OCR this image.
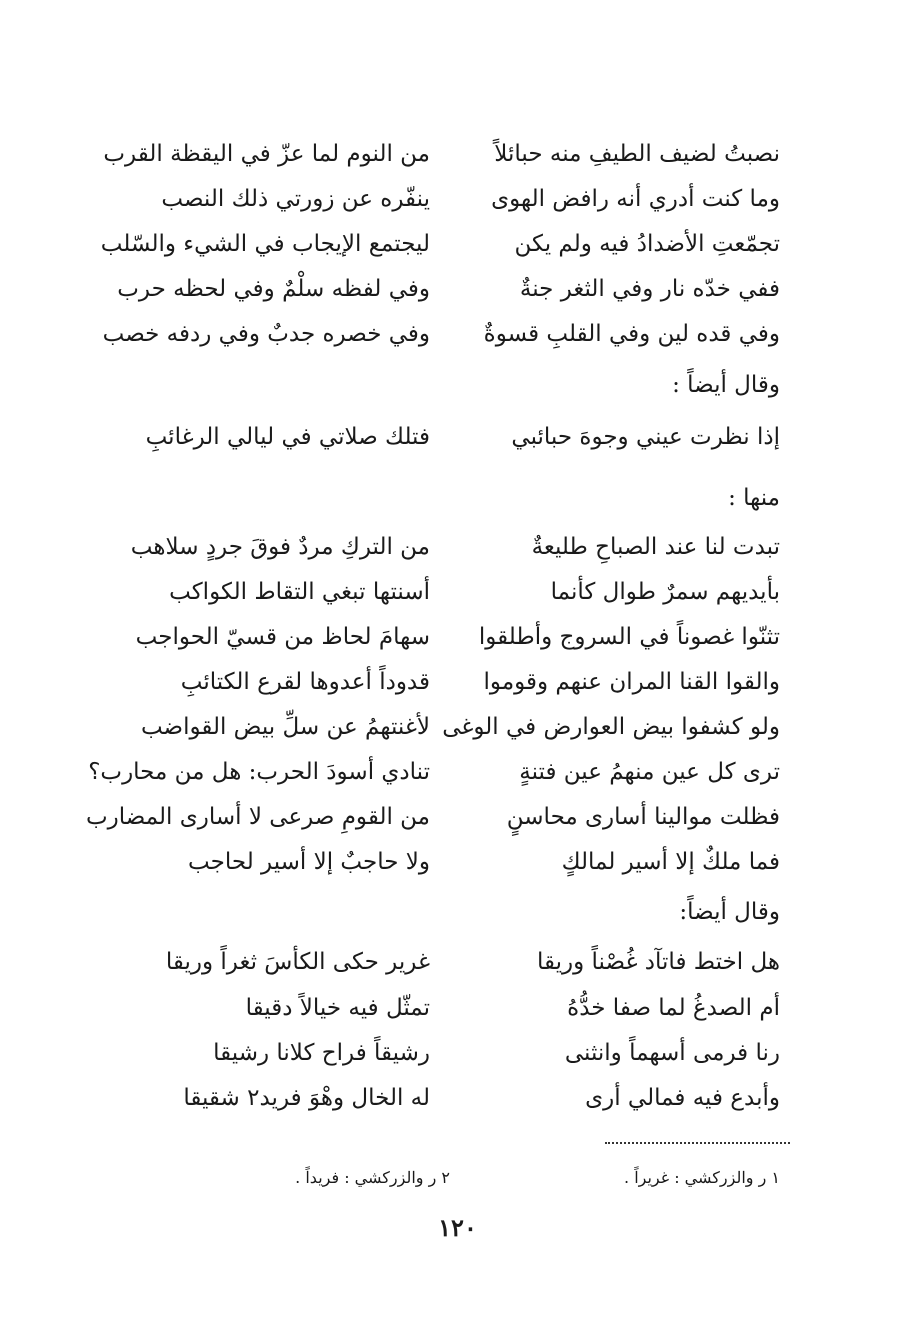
نصبتُ لضيف الطيفِ منه حبائلاً
من النوم لما عزّ في اليقظة القرب
وما كنت أدري أنه رافض الهوى
ينفّره عن زورتي ذلك النصب
تجمّعتِ الأضدادُ فيه ولم يكن
ليجتمع الإيجاب في الشيء والسّلب
ففي خدّه نار وفي الثغر جنةٌ
وفي لفظه سلْمٌ وفي لحظه حرب
وفي قده لين وفي القلبِ قسوةٌ
وفي خصره جدبٌ وفي ردفه خصب
وقال أيضاً :
إذا نظرت عيني وجوهَ حبائبي
فتلك صلاتي في ليالي الرغائبِ
منها :
تبدت لنا عند الصباحِ طليعةٌ
من التركِ مردٌ فوقَ جردٍ سلاهب
بأيديهم سمرٌ طوال كأنما
أسنتها تبغي التقاط الكواكب
تثنّوا غصوناً في السروج وأطلقوا
سهامَ لحاظ من قسيّ الحواجب
والقوا القنا المران عنهم وقوموا
قدوداً أعدوها لقرع الكتائبِ
ولو كشفوا بيض العوارض في الوغى
لأغنتهمُ عن سلِّ بيض القواضب
ترى كل عين منهمُ عين فتنةٍ
تنادي أسودَ الحرب: هل من محارب؟
فظلت موالينا أسارى محاسنٍ
من القومِ صرعى لا أسارى المضارب
فما ملكٌ إلا أسير لمالكٍ
ولا حاجبٌ إلا أسير لحاجب
وقال أيضاً:
هل اختط فاتآد غُصْناً وريقا
غرير حكى الكأسَ ثغراً وريقا
أم الصدغُ لما صفا خدُّهُ
تمثّل فيه خيالاً دقيقا
رنا فرمى أسهماً وانثنى
رشيقاً فراح كلانا رشيقا
وأبدع فيه فمالي أرى
له الخال وهْوَ فريد٢ شقيقا
١ ر والزركشي : غريراً .
٢ ر والزركشي : فريداً .
١٢٠
